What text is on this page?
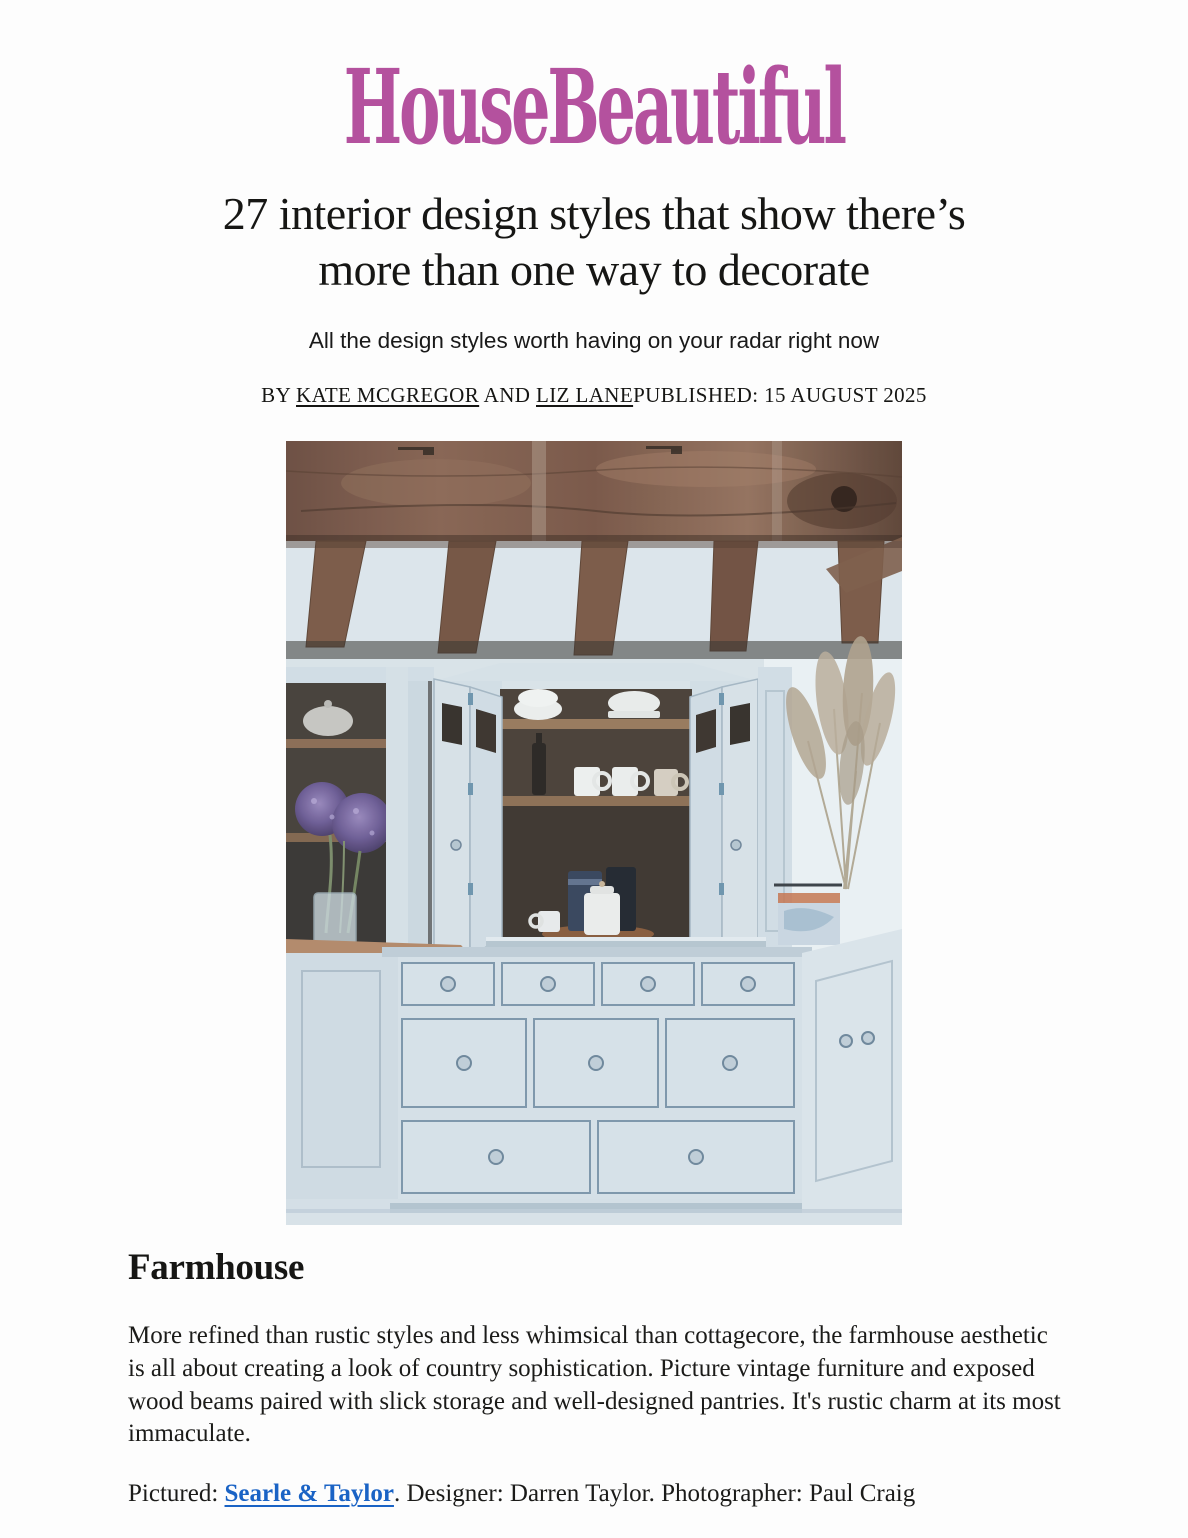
HouseBeautiful
27 interior design styles that show there’s
more than one way to decorate
All the design styles worth having on your radar right now
BY KATE MCGREGOR AND LIZ LANEPUBLISHED: 15 AUGUST 2025
Farmhouse

More refined than rustic styles and less whimsical than cottagecore, the farmhouse aesthetic is all about creating a look of country sophistication. Picture vintage furniture and exposed wood beams paired with slick storage and well-designed pantries. It's rustic charm at its most immaculate.

Pictured: Searle & Taylor. Designer: Darren Taylor. Photographer: Paul Craig
